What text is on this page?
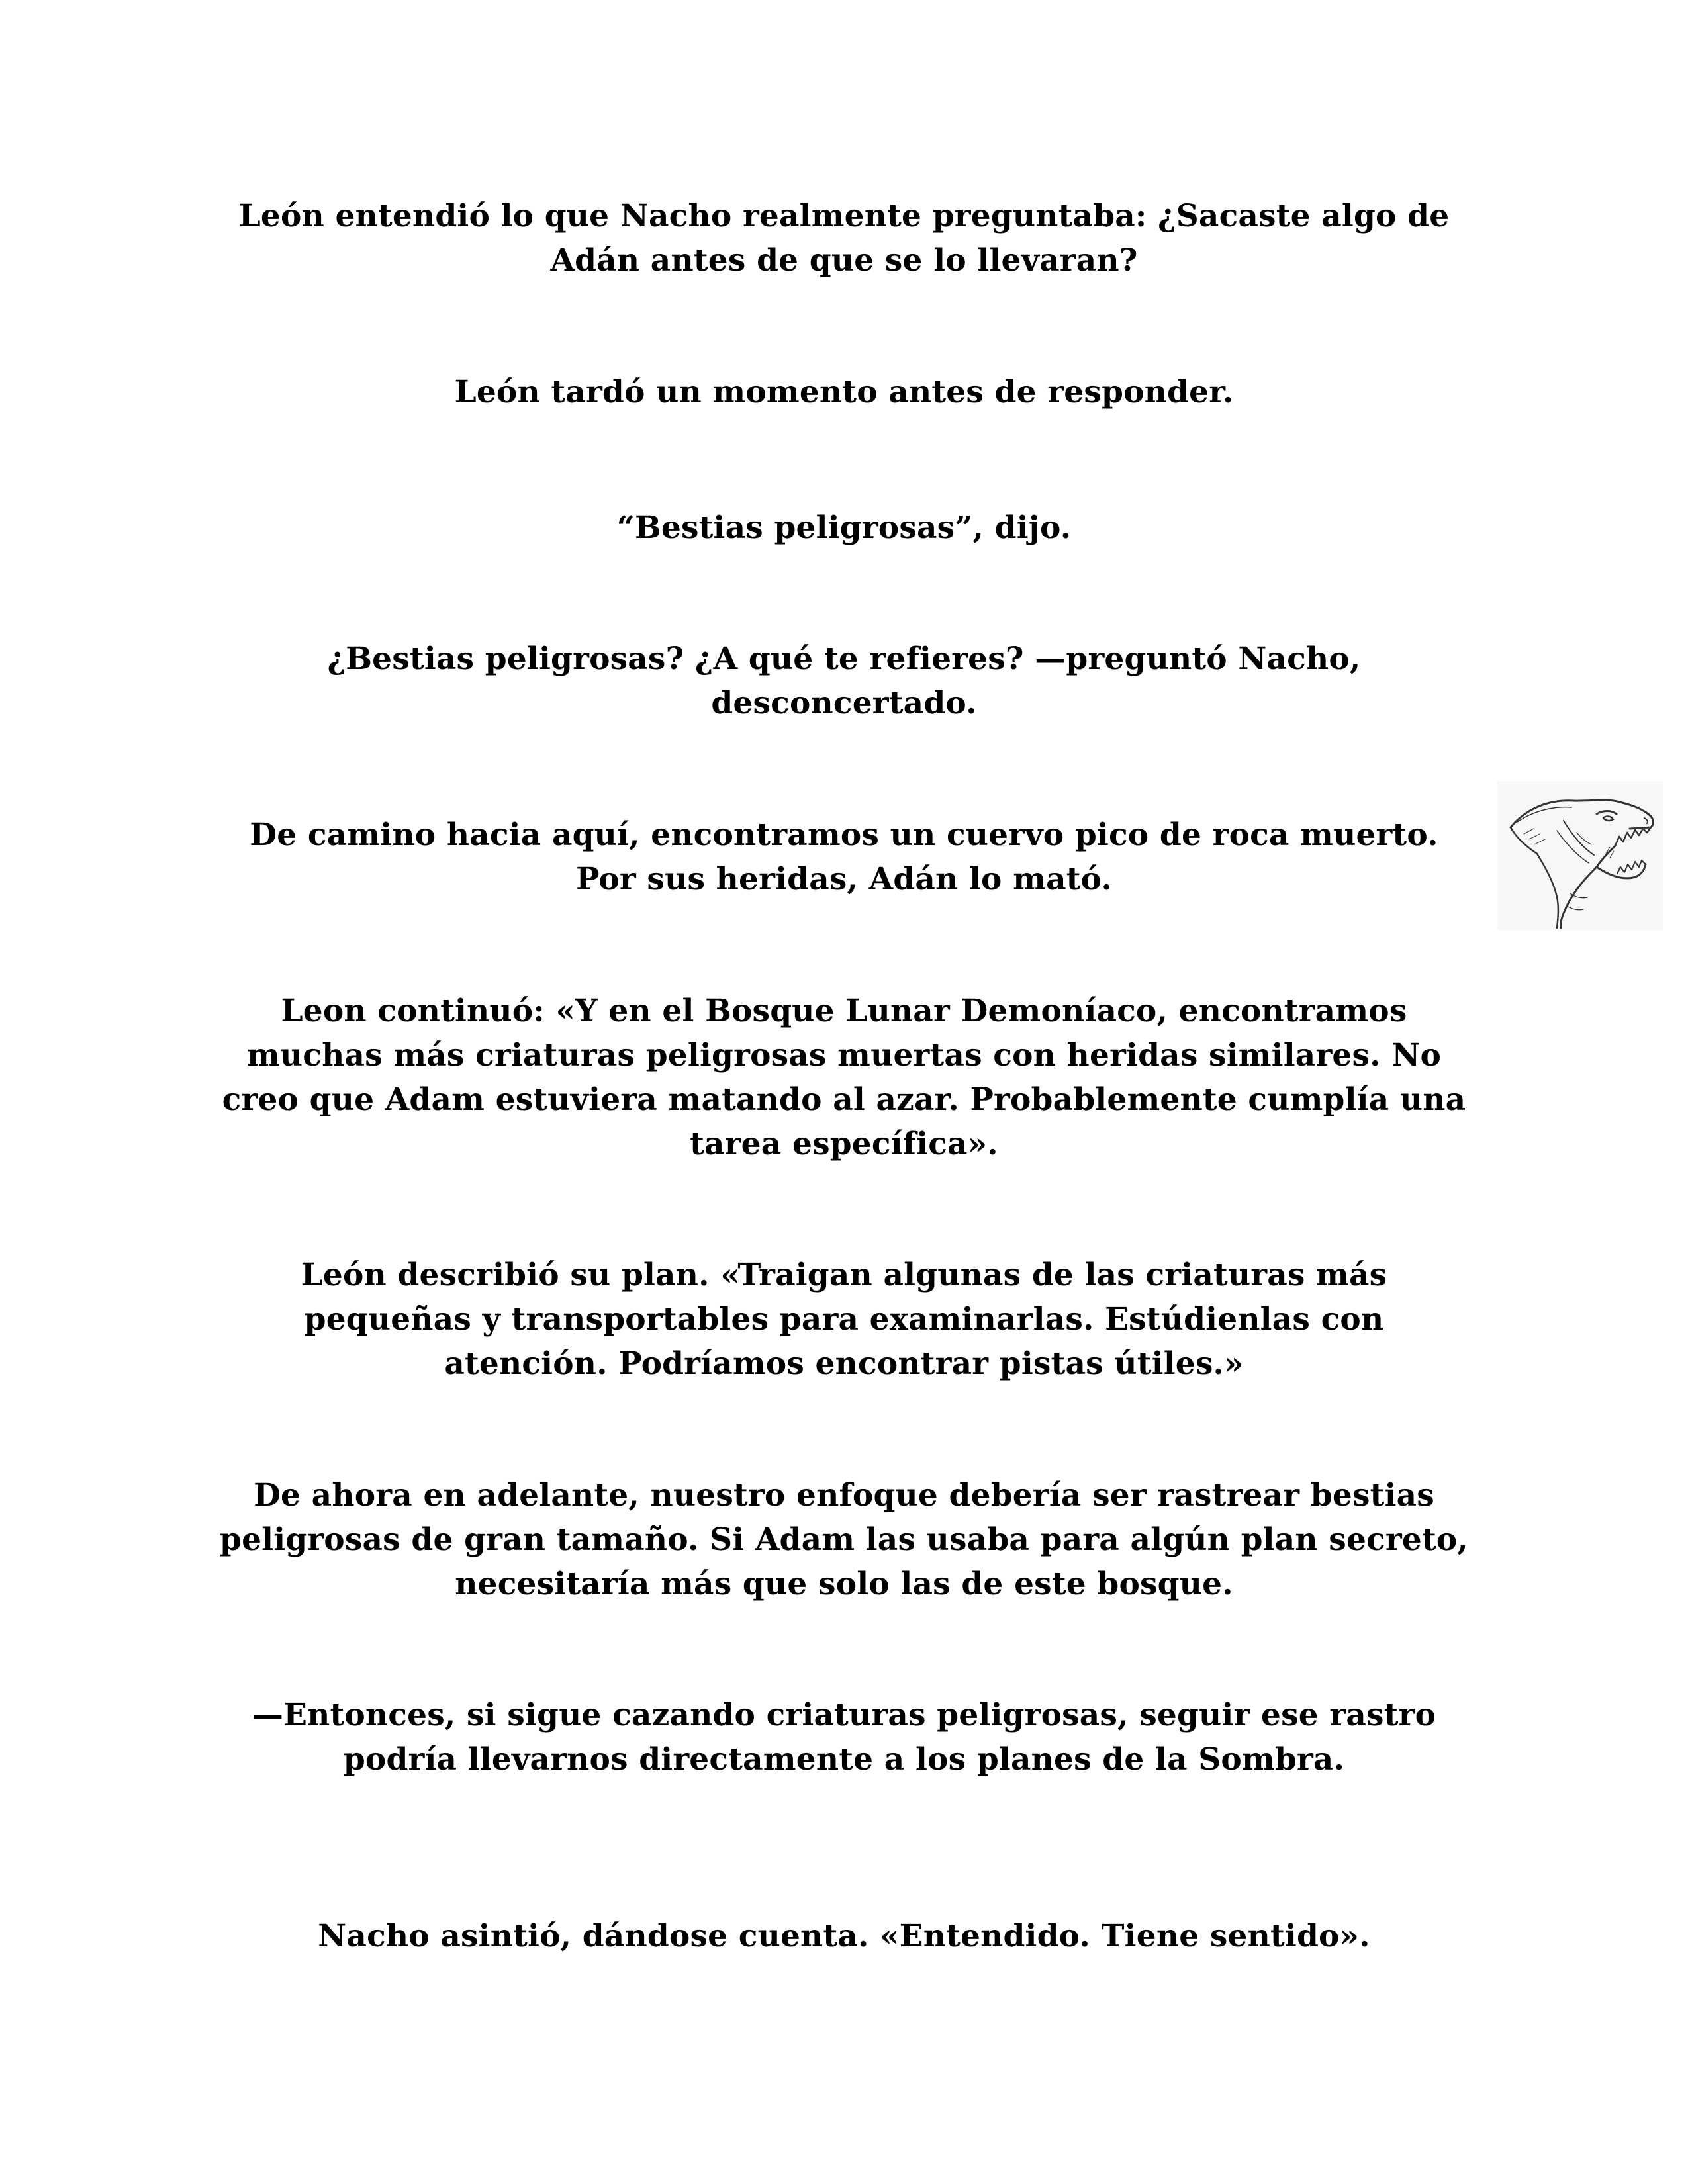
León entendió lo que Nacho realmente preguntaba: ¿Sacaste algo de Adán antes de que se lo llevaran?

León tardó un momento antes de responder.

“Bestias peligrosas”, dijo.

¿Bestias peligrosas? ¿A qué te refieres? —preguntó Nacho, desconcertado.

De camino hacia aquí, encontramos un cuervo pico de roca muerto. Por sus heridas, Adán lo mató.

Leon continuó: «Y en el Bosque Lunar Demoníaco, encontramos muchas más criaturas peligrosas muertas con heridas similares. No creo que Adam estuviera matando al azar. Probablemente cumplía una tarea específica».

León describió su plan. «Traigan algunas de las criaturas más pequeñas y transportables para examinarlas. Estúdienlas con atención. Podríamos encontrar pistas útiles.»

De ahora en adelante, nuestro enfoque debería ser rastrear bestias peligrosas de gran tamaño. Si Adam las usaba para algún plan secreto, necesitaría más que solo las de este bosque.

—Entonces, si sigue cazando criaturas peligrosas, seguir ese rastro podría llevarnos directamente a los planes de la Sombra.

Nacho asintió, dándose cuenta. «Entendido. Tiene sentido».
